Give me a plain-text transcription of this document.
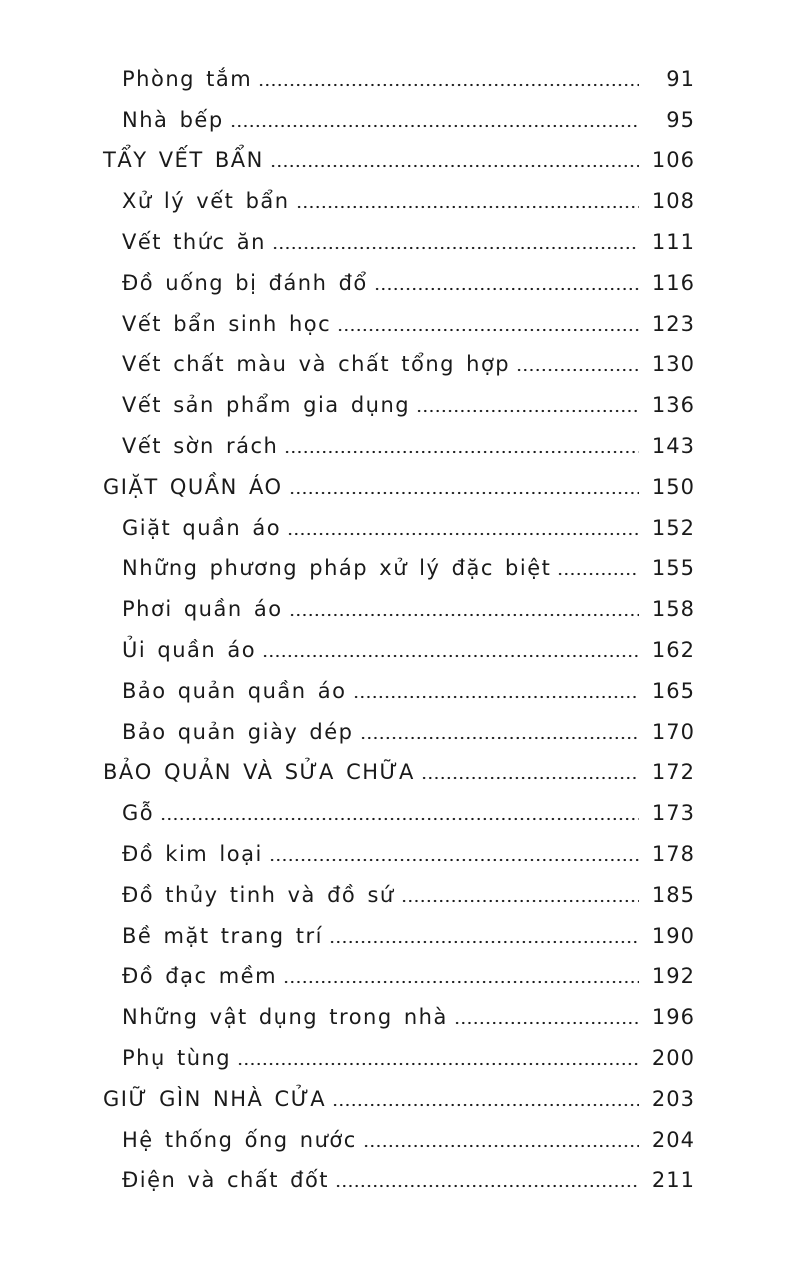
Phòng tắm	91
Nhà bếp	95
TẨY VẾT BẨN	106
Xử lý vết bẩn	108
Vết thức ăn	111
Đồ uống bị đánh đổ	116
Vết bẩn sinh học	123
Vết chất màu và chất tổng hợp	130
Vết sản phẩm gia dụng	136
Vết sờn rách	143
GIẶT QUẦN ÁO	150
Giặt quần áo	152
Những phương pháp xử lý đặc biệt	155
Phơi quần áo	158
Ủi quần áo	162
Bảo quản quần áo	165
Bảo quản giày dép	170
BẢO QUẢN VÀ SỬA CHỮA	172
Gỗ	173
Đồ kim loại	178
Đồ thủy tinh và đồ sứ	185
Bề mặt trang trí	190
Đồ đạc mềm	192
Những vật dụng trong nhà	196
Phụ tùng	200
GIỮ GÌN NHÀ CỬA	203
Hệ thống ống nước	204
Điện và chất đốt	211
